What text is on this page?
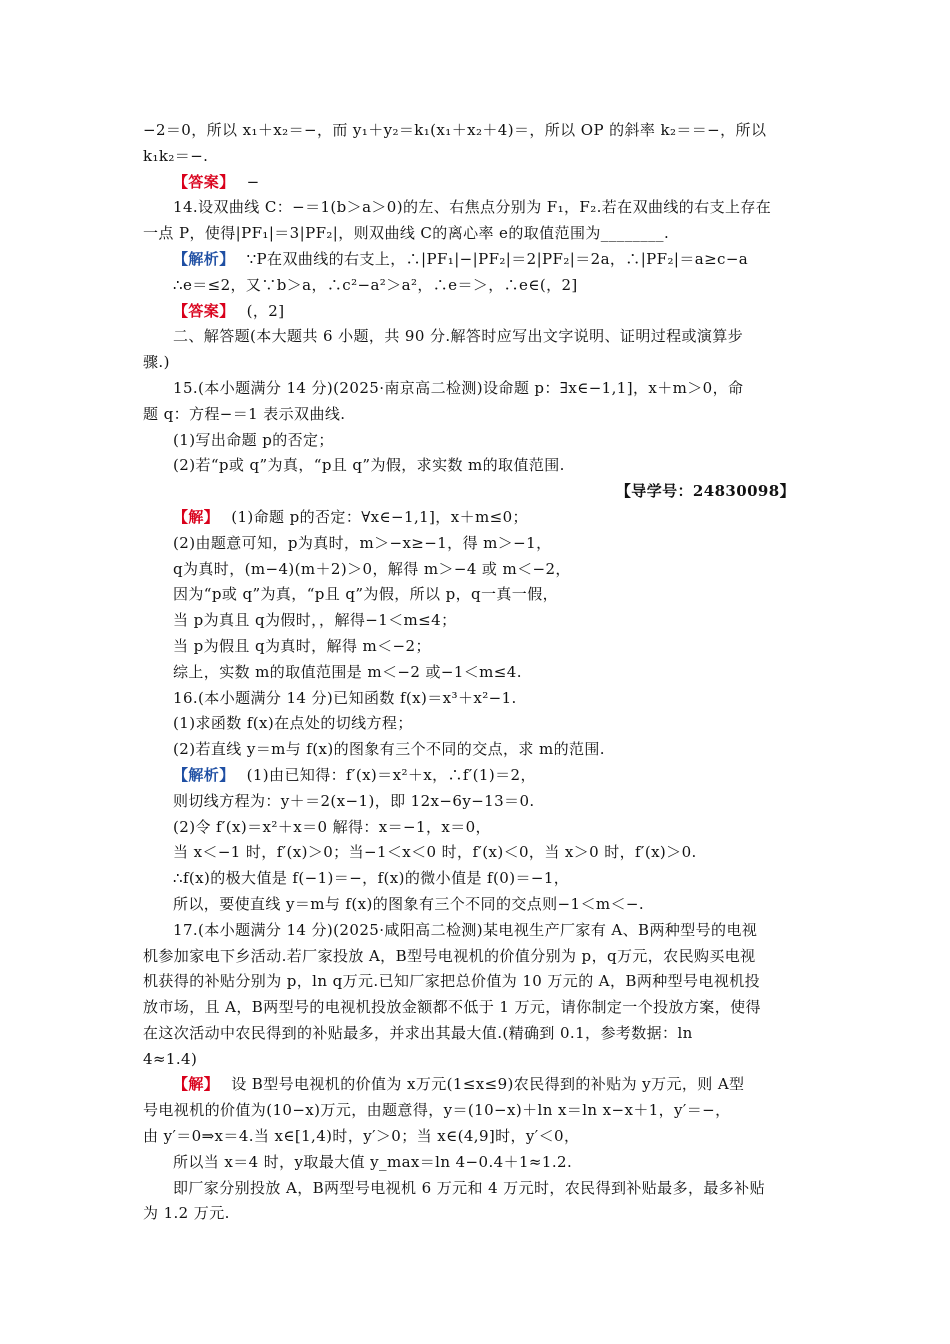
−2＝0，所以 x₁＋x₂＝−，而 y₁＋y₂＝k₁(x₁＋x₂＋4)＝，所以 OP 的斜率 k₂＝＝−，所以
k₁k₂＝−.
【答案】 −
14.设双曲线 C：−＝1(b＞a＞0)的左、右焦点分别为 F₁，F₂.若在双曲线的右支上存在
一点 P，使得|PF₁|＝3|PF₂|，则双曲线 C的离心率 e的取值范围为________.
【解析】 ∵P在双曲线的右支上，∴|PF₁|−|PF₂|＝2|PF₂|＝2a，∴|PF₂|＝a≥c−a
∴e＝≤2，又∵b＞a，∴c²−a²＞a²，∴e＝＞，∴e∈(，2]
【答案】 (，2]
二、解答题(本大题共 6 小题，共 90 分.解答时应写出文字说明、证明过程或演算步
骤.)
15.(本小题满分 14 分)(2025·南京高二检测)设命题 p：∃x∈−1,1]，x＋m＞0，命
题 q：方程−＝1 表示双曲线.
(1)写出命题 p的否定；
(2)若“p或 q”为真，“p且 q”为假，求实数 m的取值范围.
【导学号：24830098】
【解】 (1)命题 p的否定：∀x∈−1,1]，x＋m≤0；
(2)由题意可知，p为真时，m＞−x≥−1，得 m＞−1，
q为真时，(m−4)(m＋2)＞0，解得 m＞−4 或 m＜−2，
因为“p或 q”为真，“p且 q”为假，所以 p，q一真一假，
当 p为真且 q为假时，，解得−1＜m≤4；
当 p为假且 q为真时，解得 m＜−2；
综上，实数 m的取值范围是 m＜−2 或−1＜m≤4.
16.(本小题满分 14 分)已知函数 f(x)＝x³＋x²−1.
(1)求函数 f(x)在点处的切线方程；
(2)若直线 y＝m与 f(x)的图象有三个不同的交点，求 m的范围.
【解析】 (1)由已知得：f′(x)＝x²＋x，∴f′(1)＝2，
则切线方程为：y＋＝2(x−1)，即 12x−6y−13＝0.
(2)令 f′(x)＝x²＋x＝0 解得：x＝−1，x＝0，
当 x＜−1 时，f′(x)＞0；当−1＜x＜0 时，f′(x)＜0，当 x＞0 时，f′(x)＞0.
∴f(x)的极大值是 f(−1)＝−，f(x)的微小值是 f(0)＝−1，
所以，要使直线 y＝m与 f(x)的图象有三个不同的交点则−1＜m＜−.
17.(本小题满分 14 分)(2025·咸阳高二检测)某电视生产厂家有 A、B两种型号的电视
机参加家电下乡活动.若厂家投放 A，B型号电视机的价值分别为 p，q万元，农民购买电视
机获得的补贴分别为 p，ln q万元.已知厂家把总价值为 10 万元的 A，B两种型号电视机投
放市场，且 A，B两型号的电视机投放金额都不低于 1 万元，请你制定一个投放方案，使得
在这次活动中农民得到的补贴最多，并求出其最大值.(精确到 0.1，参考数据：ln
4≈1.4)
【解】 设 B型号电视机的价值为 x万元(1≤x≤9)农民得到的补贴为 y万元，则 A型
号电视机的价值为(10−x)万元，由题意得，y＝(10−x)＋ln x＝ln x−x＋1，y′＝−，
由 y′＝0⇒x＝4.当 x∈[1,4)时，y′＞0；当 x∈(4,9]时，y′＜0，
所以当 x＝4 时，y取最大值 y_max＝ln 4−0.4＋1≈1.2.
即厂家分别投放 A，B两型号电视机 6 万元和 4 万元时，农民得到补贴最多，最多补贴
为 1.2 万元.
